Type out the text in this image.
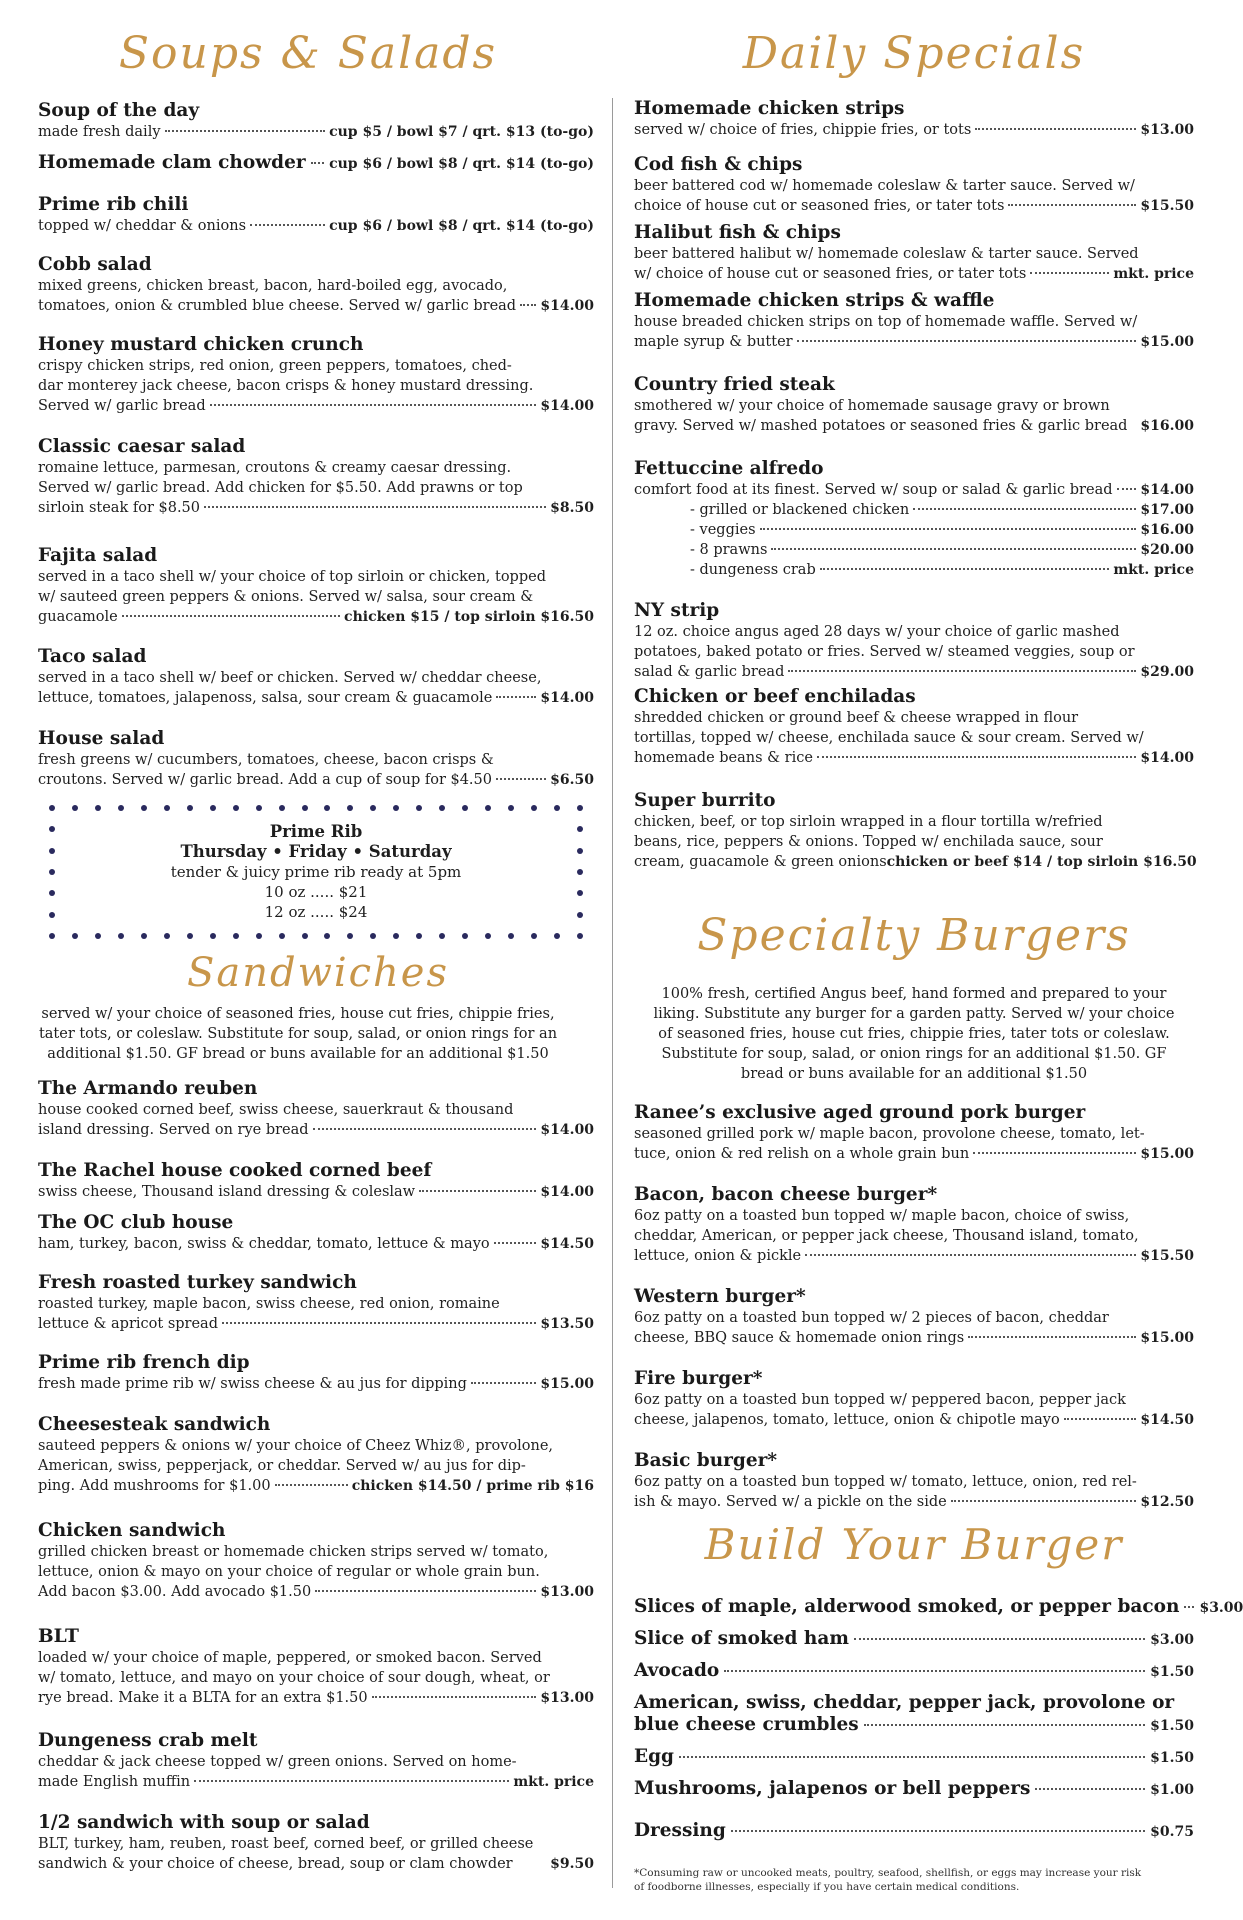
Soups & Salads
Soup of the day
made fresh daily	cup $5 / bowl $7 / qrt. $13 (to-go)
Homemade clam chowder cup $6 / bowl $8 / qrt. $14 (to-go)
Prime rib chili
topped w/ cheddar & onions	cup $6 / bowl $8 / qrt. $14 (to-go)
Cobb salad
mixed greens, chicken breast, bacon, hard-boiled egg, avocado,
tomatoes, onion & crumbled blue cheese. Served w/ garlic bread $14.00
Honey mustard chicken crunch
crispy chicken strips, red onion, green peppers, tomatoes, ched-
dar monterey jack cheese, bacon crisps & honey mustard dressing.
Served w/ garlic bread	$14.00
Classic caesar salad
romaine lettuce, parmesan, croutons & creamy caesar dressing.
Served w/ garlic bread. Add chicken for $5.50. Add prawns or top
sirloin steak for $8.50	$8.50
Fajita salad
served in a taco shell w/ your choice of top sirloin or chicken, topped
w/ sauteed green peppers & onions. Served w/ salsa, sour cream &
guacamole	chicken $15 / top sirloin $16.50
Taco salad
served in a taco shell w/ beef or chicken. Served w/ cheddar cheese,
lettuce, tomatoes, jalapenoss, salsa, sour cream & guacamole	$14.00
House salad
fresh greens w/ cucumbers, tomatoes, cheese, bacon crisps &
croutons. Served w/ garlic bread. Add a cup of soup for $4.50	$6.50
Prime Rib
Thursday • Friday • Saturday
tender & juicy prime rib ready at 5pm
10 oz ..... $21
12 oz ..... $24
Sandwiches
served w/ your choice of seasoned fries, house cut fries, chippie fries,
tater tots, or coleslaw. Substitute for soup, salad, or onion rings for an
additional $1.50. GF bread or buns available for an additional $1.50
The Armando reuben
house cooked corned beef, swiss cheese, sauerkraut & thousand
island dressing. Served on rye bread	$14.00
The Rachel house cooked corned beef
swiss cheese, Thousand island dressing & coleslaw	$14.00
The OC club house
ham, turkey, bacon, swiss & cheddar, tomato, lettuce & mayo	$14.50
Fresh roasted turkey sandwich
roasted turkey, maple bacon, swiss cheese, red onion, romaine
lettuce & apricot spread	$13.50
Prime rib french dip
fresh made prime rib w/ swiss cheese & au jus for dipping	$15.00
Cheesesteak sandwich
sauteed peppers & onions w/ your choice of Cheez Whiz®, provolone,
American, swiss, pepperjack, or cheddar. Served w/ au jus for dip-
ping. Add mushrooms for $1.00	chicken $14.50 / prime rib $16
Chicken sandwich
grilled chicken breast or homemade chicken strips served w/ tomato,
lettuce, onion & mayo on your choice of regular or whole grain bun.
Add bacon $3.00. Add avocado $1.50	$13.00
BLT
loaded w/ your choice of maple, peppered, or smoked bacon. Served
w/ tomato, lettuce, and mayo on your choice of sour dough, wheat, or
rye bread. Make it a BLTA for an extra $1.50	$13.00
Dungeness crab melt
cheddar & jack cheese topped w/ green onions. Served on home-
made English muffin	mkt. price
1/2 sandwich with soup or salad
BLT, turkey, ham, reuben, roast beef, corned beef, or grilled cheese
sandwich & your choice of cheese, bread, soup or clam chowder	$9.50
Daily Specials
Homemade chicken strips
served w/ choice of fries, chippie fries, or tots	$13.00
Cod fish & chips
beer battered cod w/ homemade coleslaw & tarter sauce. Served w/
choice of house cut or seasoned fries, or tater tots	$15.50
Halibut fish & chips
beer battered halibut w/ homemade coleslaw & tarter sauce. Served
w/ choice of house cut or seasoned fries, or tater tots	mkt. price
Homemade chicken strips & waffle
house breaded chicken strips on top of homemade waffle. Served w/
maple syrup & butter	$15.00
Country fried steak
smothered w/ your choice of homemade sausage gravy or brown
gravy. Served w/ mashed potatoes or seasoned fries & garlic bread $16.00
Fettuccine alfredo
comfort food at its finest. Served w/ soup or salad & garlic bread $14.00
- grilled or blackened chicken	$17.00
- veggies	$16.00
- 8 prawns	$20.00
- dungeness crab	mkt. price
NY strip
12 oz. choice angus aged 28 days w/ your choice of garlic mashed
potatoes, baked potato or fries. Served w/ steamed veggies, soup or
salad & garlic bread	$29.00
Chicken or beef enchiladas
shredded chicken or ground beef & cheese wrapped in flour
tortillas, topped w/ cheese, enchilada sauce & sour cream. Served w/
homemade beans & rice	$14.00
Super burrito
chicken, beef, or top sirloin wrapped in a flour tortilla w/refried
beans, rice, peppers & onions. Topped w/ enchilada sauce, sour
cream, guacamole & green onions chicken or beef $14 / top sirloin $16.50
Specialty Burgers
100% fresh, certified Angus beef, hand formed and prepared to your
liking. Substitute any burger for a garden patty. Served w/ your choice
of seasoned fries, house cut fries, chippie fries, tater tots or coleslaw.
Substitute for soup, salad, or onion rings for an additional $1.50. GF
bread or buns available for an additional $1.50
Ranee’s exclusive aged ground pork burger
seasoned grilled pork w/ maple bacon, provolone cheese, tomato, let-
tuce, onion & red relish on a whole grain bun	$15.00
Bacon, bacon cheese burger*
6oz patty on a toasted bun topped w/ maple bacon, choice of swiss,
cheddar, American, or pepper jack cheese, Thousand island, tomato,
lettuce, onion & pickle	$15.50
Western burger*
6oz patty on a toasted bun topped w/ 2 pieces of bacon, cheddar
cheese, BBQ sauce & homemade onion rings	$15.00
Fire burger*
6oz patty on a toasted bun topped w/ peppered bacon, pepper jack
cheese, jalapenos, tomato, lettuce, onion & chipotle mayo	$14.50
Basic burger*
6oz patty on a toasted bun topped w/ tomato, lettuce, onion, red rel-
ish & mayo. Served w/ a pickle on the side	$12.50
Build Your Burger
Slices of maple, alderwood smoked, or pepper bacon $3.00
Slice of smoked ham	$3.00
Avocado	$1.50
American, swiss, cheddar, pepper jack, provolone or
blue cheese crumbles	$1.50
Egg	$1.50
Mushrooms, jalapenos or bell peppers	$1.00
Dressing	$0.75
*Consuming raw or uncooked meats, poultry, seafood, shellfish, or eggs may increase your risk
of foodborne illnesses, especially if you have certain medical conditions.
